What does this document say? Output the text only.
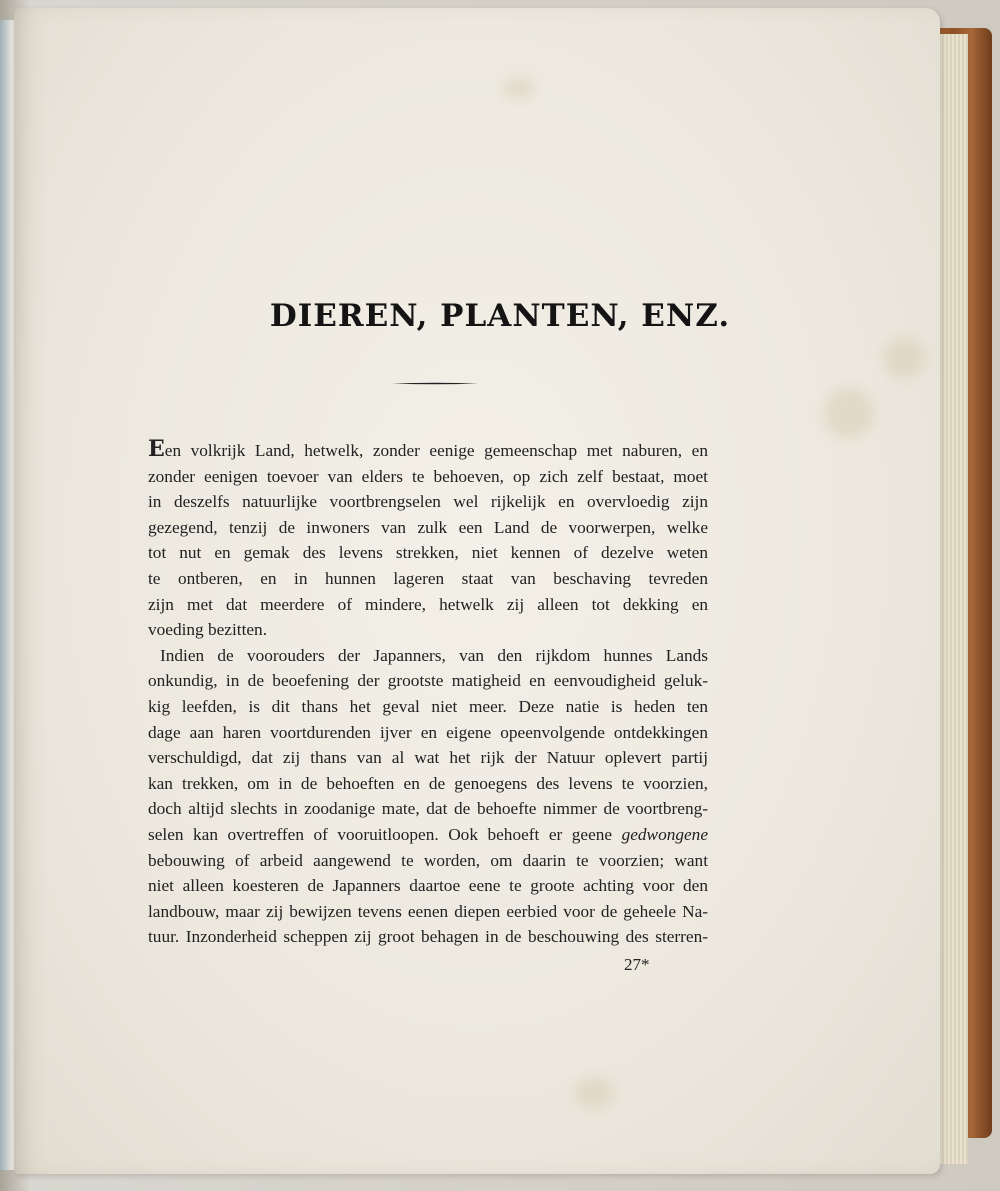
DIEREN, PLANTEN, ENZ.

Een volkrijk Land, hetwelk, zonder eenige gemeenschap met naburen, en
zonder eenigen toevoer van elders te behoeven, op zich zelf bestaat, moet
in deszelfs natuurlijke voortbrengselen wel rijkelijk en overvloedig zijn
gezegend, tenzij de inwoners van zulk een Land de voorwerpen, welke
tot nut en gemak des levens strekken, niet kennen of dezelve weten
te ontberen, en in hunnen lageren staat van beschaving tevreden
zijn met dat meerdere of mindere, hetwelk zij alleen tot dekking en
voeding bezitten.

Indien de voorouders der Japanners, van den rijkdom hunnes Lands
onkundig, in de beoefening der grootste matigheid en eenvoudigheid geluk-
kig leefden, is dit thans het geval niet meer. Deze natie is heden ten
dage aan haren voortdurenden ijver en eigene opeenvolgende ontdekkingen
verschuldigd, dat zij thans van al wat het rijk der Natuur oplevert partij
kan trekken, om in de behoeften en de genoegens des levens te voorzien,
doch altijd slechts in zoodanige mate, dat de behoefte nimmer de voortbreng-
selen kan overtreffen of vooruitloopen. Ook behoeft er geene gedwongene
bebouwing of arbeid aangewend te worden, om daarin te voorzien; want
niet alleen koesteren de Japanners daartoe eene te groote achting voor den
landbouw, maar zij bewijzen tevens eenen diepen eerbied voor de geheele Na-
tuur. Inzonderheid scheppen zij groot behagen in de beschouwing des sterren-

27*
